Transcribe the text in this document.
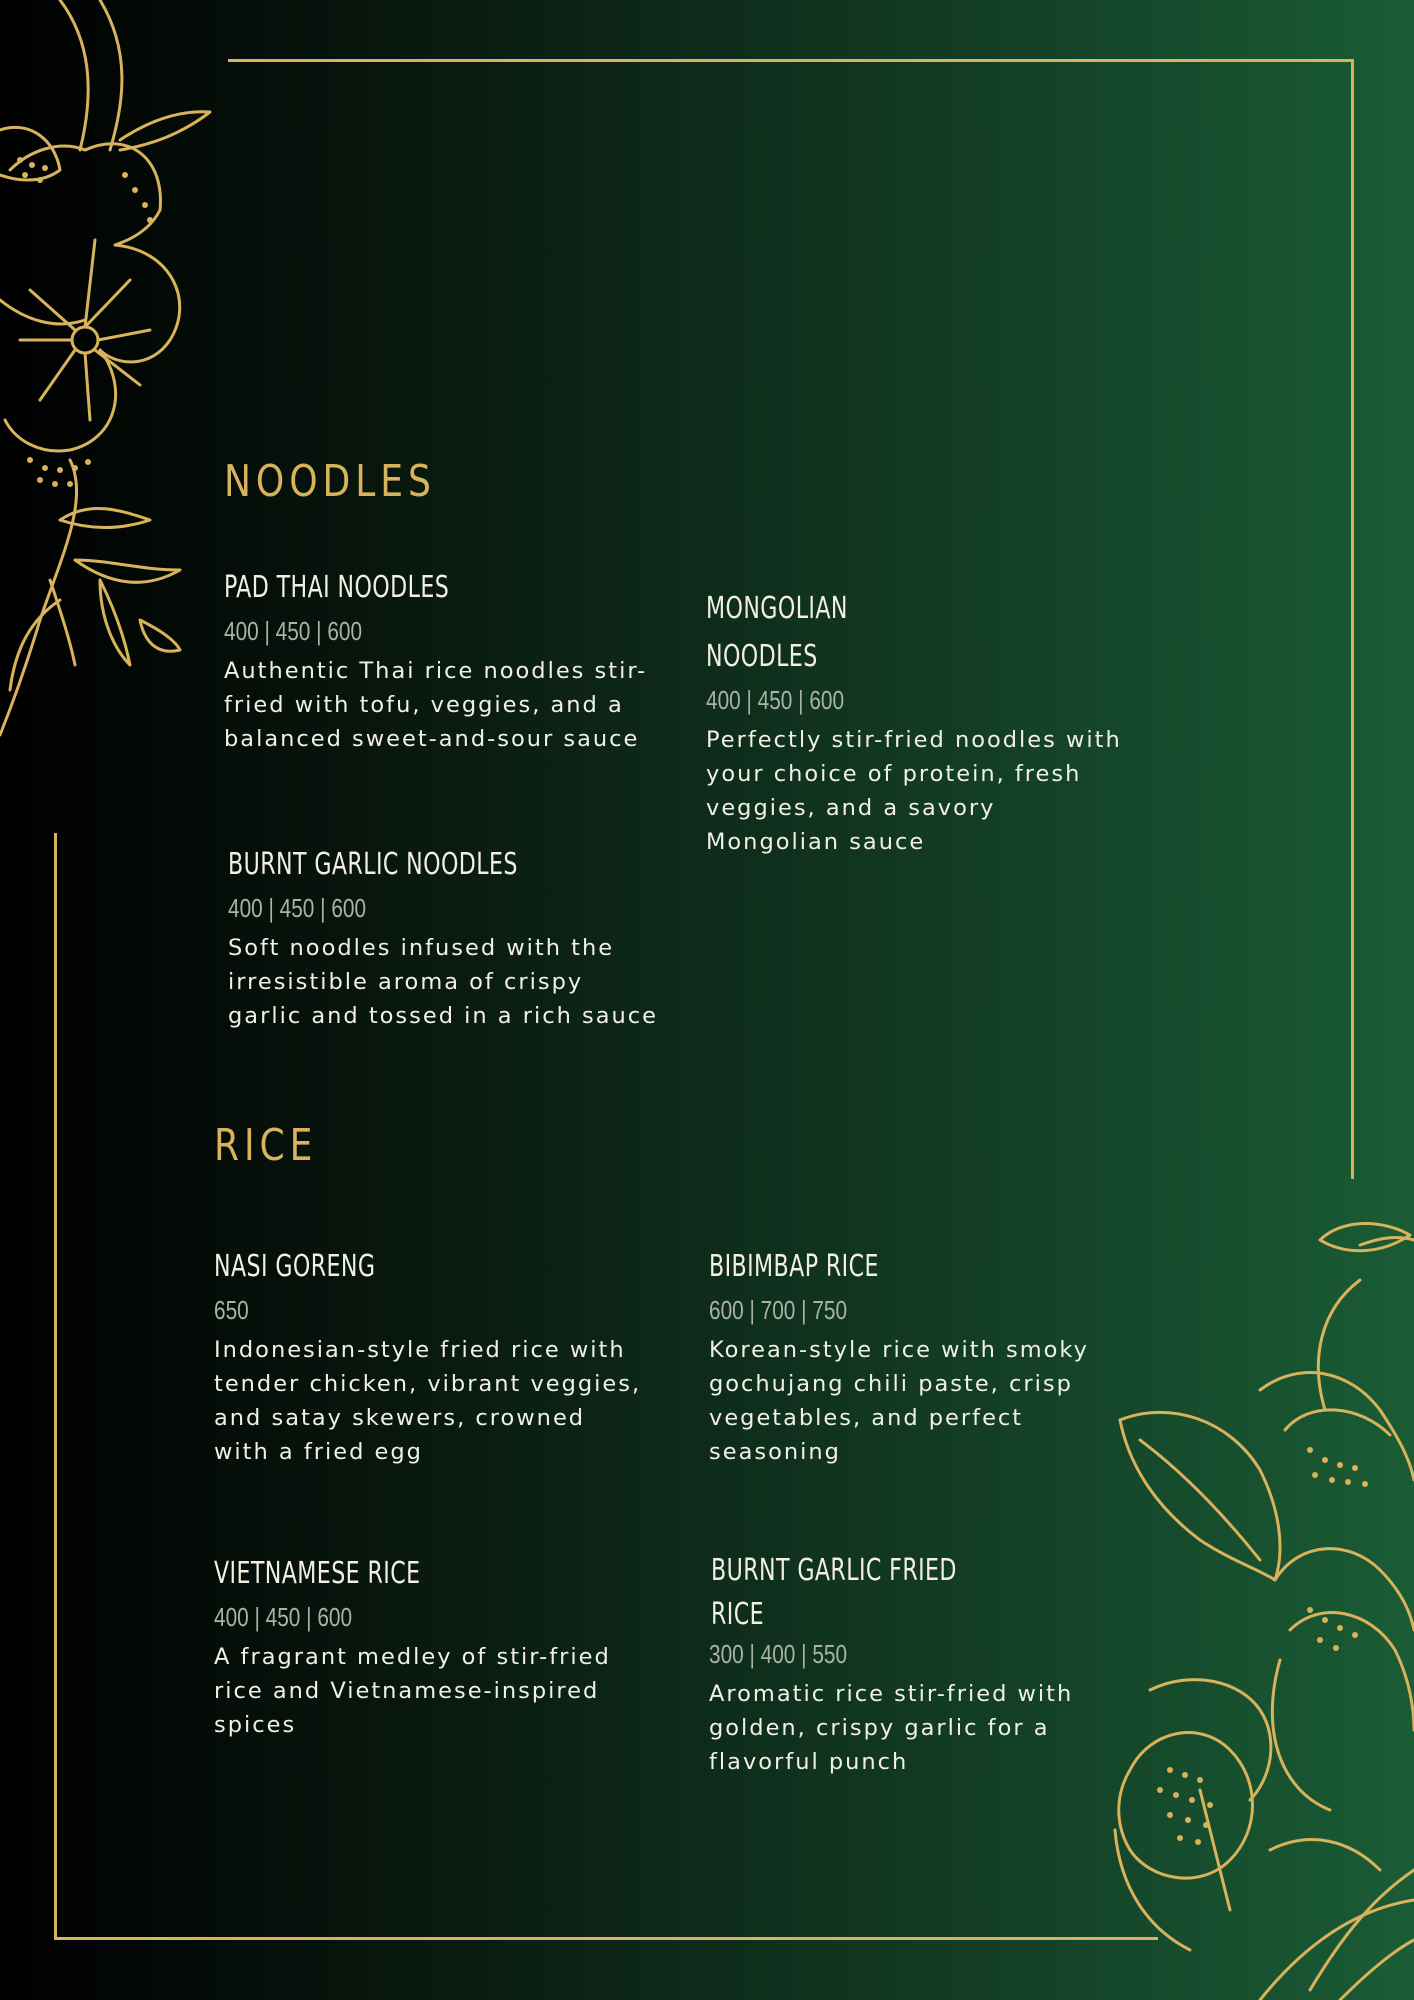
NOODLES
PAD THAI NOODLES
400 | 450 | 600
Authentic Thai rice noodles stir- fried with tofu, veggies, and a balanced sweet-and-sour sauce
MONGOLIAN
NOODLES
400 | 450 | 600
Perfectly stir-fried noodles with your choice of protein, fresh veggies, and a savory Mongolian sauce
BURNT GARLIC NOODLES
400 | 450 | 600
Soft noodles infused with the irresistible aroma of crispy garlic and tossed in a rich sauce
RICE
NASI GORENG
650
Indonesian-style fried rice with tender chicken, vibrant veggies, and satay skewers, crowned with a fried egg
BIBIMBAP RICE
600 | 700 | 750
Korean-style rice with smoky gochujang chili paste, crisp vegetables, and perfect seasoning
VIETNAMESE RICE
400 | 450 | 600
A fragrant medley of stir-fried rice and Vietnamese-inspired spices
BURNT GARLIC FRIED
RICE
300 | 400 | 550
Aromatic rice stir-fried with golden, crispy garlic for a flavorful punch
